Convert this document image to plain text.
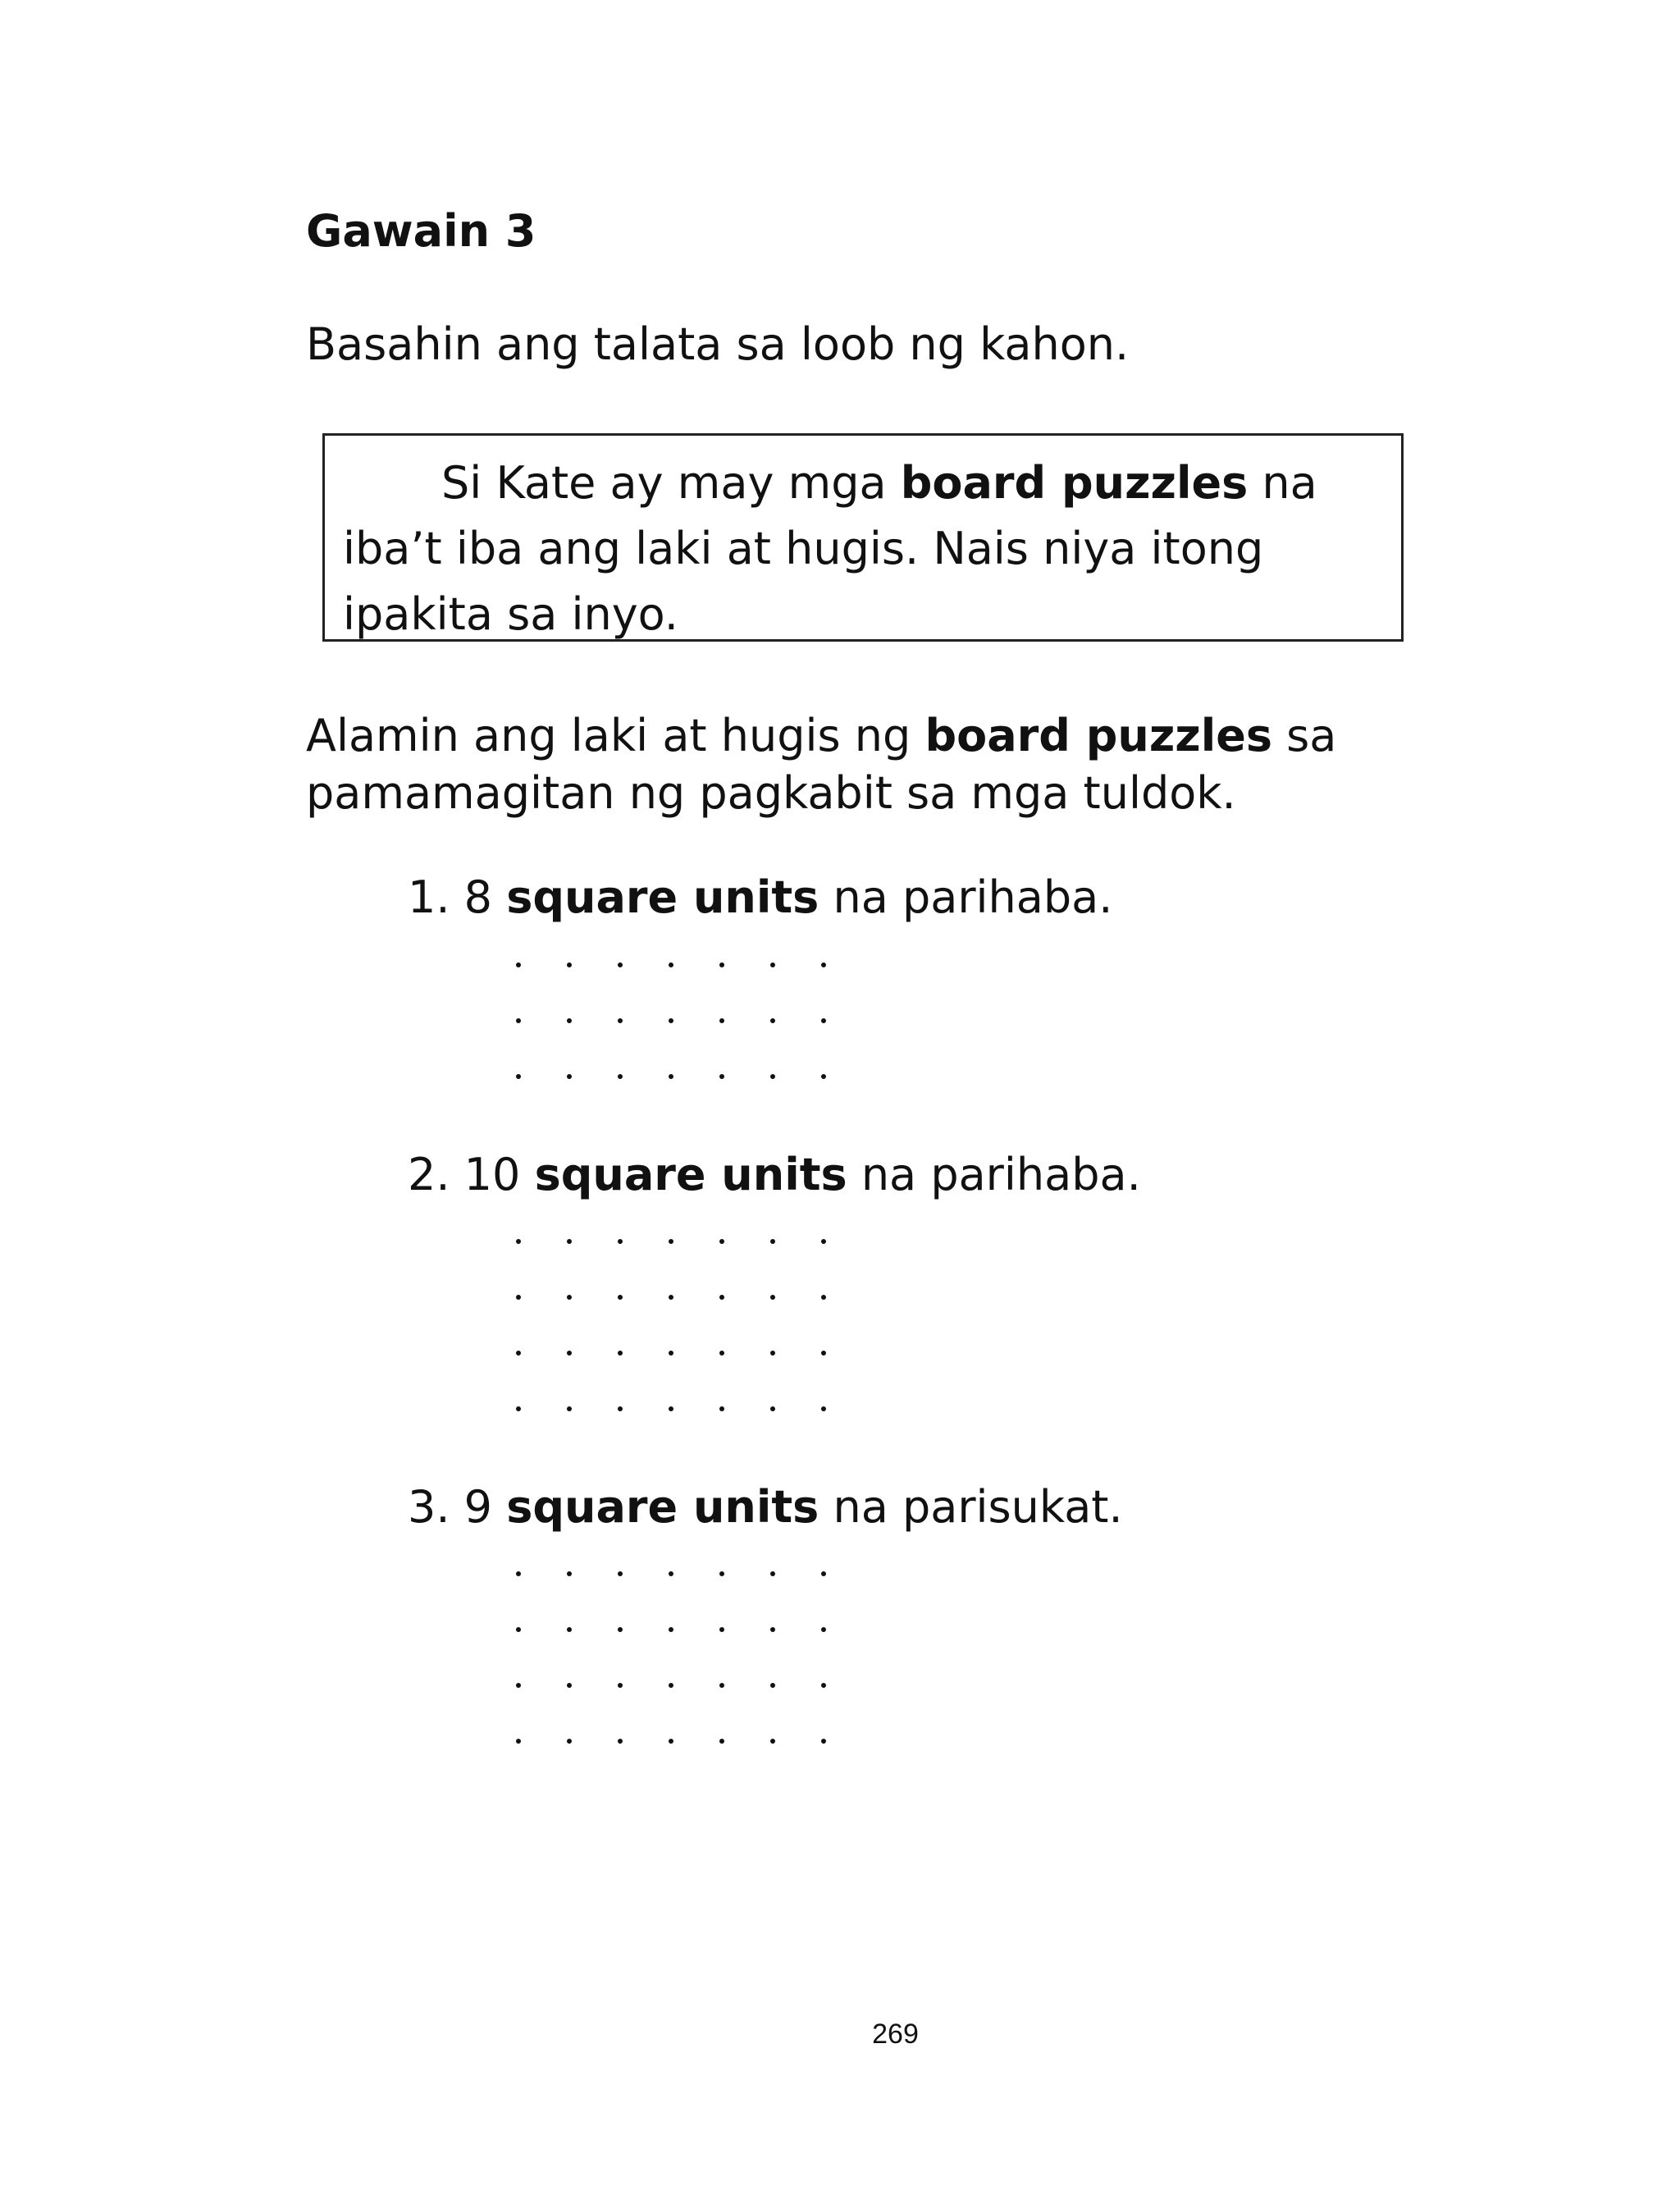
Gawain 3

Basahin ang talata sa loob ng kahon.

Si Kate ay may mga board puzzles na iba’t iba ang laki at hugis. Nais niya itong ipakita sa inyo.

Alamin ang laki at hugis ng board puzzles sa pamamagitan ng pagkabit sa mga tuldok.

1. 8 square units na parihaba.

2. 10 square units na parihaba.

3. 9 square units na parisukat.

269
